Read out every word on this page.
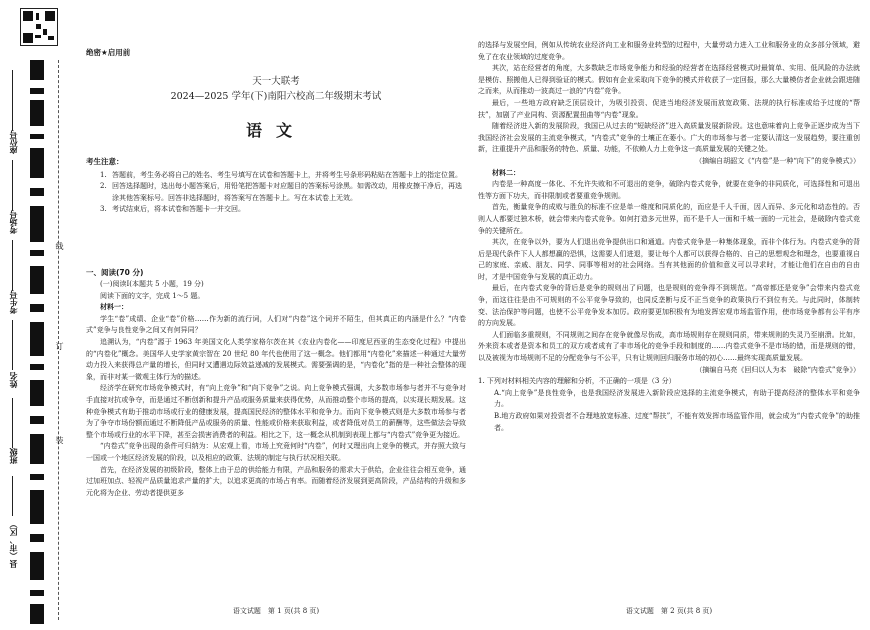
座位号
考场号
考生号
姓名
班级
县（市、区）
线
订
装
绝密★启用前
天一大联考
2024—2025 学年(下)南阳六校高二年级期末考试
语文
考生注意：

1. 答题前，考生务必将自己的姓名、考生号填写在试卷和答题卡上，并将考生号条形码粘贴在答题卡上的指定位置。

2. 回答选择题时，选出每小题答案后，用铅笔把答题卡对应题目的答案标号涂黑。如需改动，用橡皮擦干净后，再选涂其他答案标号。回答非选择题时，将答案写在答题卡上。写在本试卷上无效。

3. 考试结束后，将本试卷和答题卡一并交回。

一、阅读(70 分)

(一)阅读Ⅰ(本题共 5 小题，19 分)

阅读下面的文字，完成 1～5 题。

材料一：

学生“卷”成绩、企业“卷”价格……作为新的流行词，人们对“内卷”这个词并不陌生，但其真正的内涵是什么？“内卷式”竞争与良性竞争之间又有何异同？

追溯认为，“内卷”源于 1963 年美国文化人类学家格尔茨在其《农业内卷化——印度尼西亚的生态变化过程》中提出的“内卷化”概念。美国华人史学家黄宗智在 20 世纪 80 年代也使用了这一概念。他们都用“内卷化”来描述一种通过大量劳动力投入来获得总产量的增长，但同时又遭遇边际效益递减的发展模式。需要强调的是，“内卷化”指的是一种社会整体的现象，而非对某一微观主体行为的描述。

经济学在研究市场竞争模式时，有“向上竞争”和“向下竞争”之说。向上竞争模式强调，大多数市场参与者并不与竞争对手直接对抗或争夺，而是通过不断创新和提升产品或服务质量来获得优势，从而推动整个市场的提高，以实现长期发展。这种竞争模式有助于推动市场或行业的健康发展，提高国民经济的整体水平和竞争力。而向下竞争模式则是大多数市场参与者为了争夺市场份额而通过不断降低产品或服务的质量、性能或价格来获取利益，或者降低对员工的薪酬等，这些做法会导致整个市场或行业的水平下降，甚至会损害消费者的利益。相比之下，这一概念从机制到表现上都与“内卷式”竞争更为接近。

“内卷式”竞争出现的条件可归纳为：从宏观上看，市场上究竟何时“内卷”，何时又理出向上竞争的模式，并存照大致与一国或一个地区经济发展的阶段，以及相应的政策、法规的制定与执行状况相关联。

首先，在经济发展的初级阶段，整体上由于总的供给能力有限，产品和服务的需求大于供给，企业往往会相互竞争，通过加班加点、轻视产品质量追求产量的扩大，以追求更高的市场占有率。而随着经济发展到更高阶段，产品结构的升级和多元化将为企业、劳动者提供更多

语文试题　第 1 页(共 8 页)

的选择与发展空间，例如从传统农业经济向工业和服务业转型的过程中，大量劳动力进入工业和服务业的众多部分领域，避免了在农业领域的过度竞争。

其次，站在经营者的角度，大多数缺乏市场竞争能力和经验的经营者在选择经营模式时最简单、实用、低风险的办法就是模仿、照搬他人已得到验证的模式。假如有企业采取向下竞争的模式并收获了一定回报，那么大量模仿者企业就会跟进随之而来，从而推动一波高过一浪的“内卷”竞争。

最后，一些地方政府缺乏顶层设计，为吸引投资、促进当地经济发展而放宽政策、法规的执行标准或给予过度的“帮扶”，加剧了产业同构、资源配置扭曲等“内卷”现象。

随着经济进入新的发展阶段，我国已从过去的“短缺经济”进入高质量发展新阶段。这也意味着向上竞争正逐步成为当下我国经济社会发展的主流竞争模式，“内卷式”竞争的土壤正在萎小。广大的市场参与者一定要认清这一发展趋势，要注重创新，注重提升产品和服务的特色、质量、功能，不依赖人力上竞争这一高质量发展的关键之处。

（摘编自胡韶文《“内卷”是一种“向下”的竞争模式》）

材料二：

内卷是一种高度一体化、不允许失败和不可退出的竞争，破除内卷式竞争，就要在竞争的非同质化，可选择性和可退出性等方面下功夫，而非限制或者要重竞争规则。

首先，衡量竞争的成败与胜负的标准不应是单一维度和同质化的，而应是千人千面，因人而异、多元化和动态性的。否则人人都要过独木桥，就会带来内卷式竞争。如何打造多元世界，而不是千人一面和千城一面的一元社会，是破除内卷式竞争的关键所在。

其次，在竞争以外，要为人们退出竞争提供出口和通道。内卷式竞争是一种集体现象，而非个体行为。内卷式竞争的背后是现代条件下人人都想赢的恐惧，这需要人们进退，要让每个人都可以获得合格的、自己的思想观念和理念，也要重视自己的家庭、亲戚、朋友、同学、同事等相对的社会网络。当有其他面的价值和意义可以寻求时，才能让他们在自由的自由时，才是中国竞争与发展的真正动力。

最后，在内卷式竞争的背后是竞争的规则出了问题，也是规则的竞争得不到规范。“高帝都还是竞争”会带来内卷式竞争，而这往往是由不可规则的不公平竞争导致的，也同反垄断与反不正当竞争的政策执行不到位有关。与此同时，体制转变、法治保护等问题，也使不公平竞争发本加厉。政府要更加积极有为地发挥宏观市场监管作用，使市场竞争都有公平有序的方向发展。

人们面临多重规则，不同规则之间存在竞争就像尽伤成，高市场规则存在规则同质，带来规则的失灵乃至崩溃。比如，外来资本或者是资本和员工的双方或者成有了非市场化的竞争手段和制度的……内卷式竞争不是市场的错，而是规则的错，以及被视为市场规则不足的分配竞争与不公平，只有让规则回归服务市场的初心……最终实现高质量发展。

（摘编自马亮《回归以人为本　破除“内卷式”竞争》）

1. 下列对材料相关内容的理解和分析，不正确的一项是（3 分）

A.“向上竞争”是良性竞争，也是我国经济发展进入新阶段应选择的主流竞争模式，有助于提高经济的整体水平和竞争力。

B.地方政府如果对投资者不合理地放宽标准、过度“帮扶”，不能有效发挥市场监管作用，就会成为“内卷式竞争”的助推者。

语文试题　第 2 页(共 8 页)
